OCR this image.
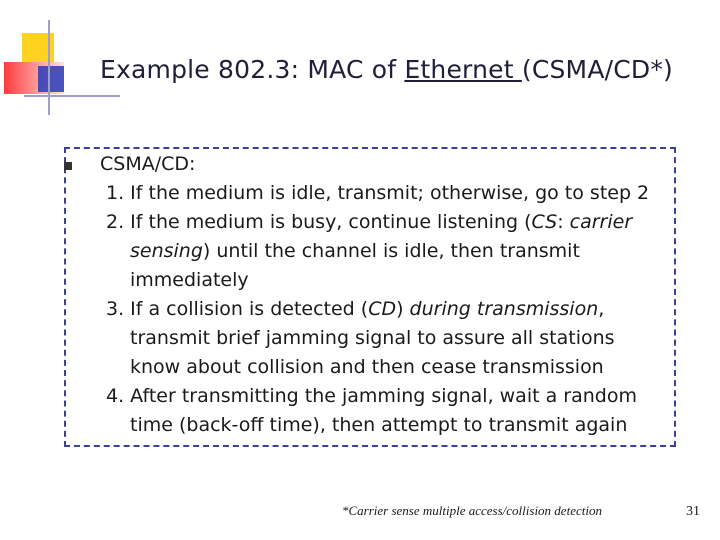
Example 802.3: MAC of Ethernet (CSMA/CD*)
CSMA/CD:
1. If the medium is idle, transmit; otherwise, go to step 2
2. If the medium is busy, continue listening (CS: carrier
sensing) until the channel is idle, then transmit
immediately
3. If a collision is detected (CD) during transmission,
transmit brief jamming signal to assure all stations
know about collision and then cease transmission
4. After transmitting the jamming signal, wait a random
time (back-off time), then attempt to transmit again
*Carrier sense multiple access/collision detection	31
